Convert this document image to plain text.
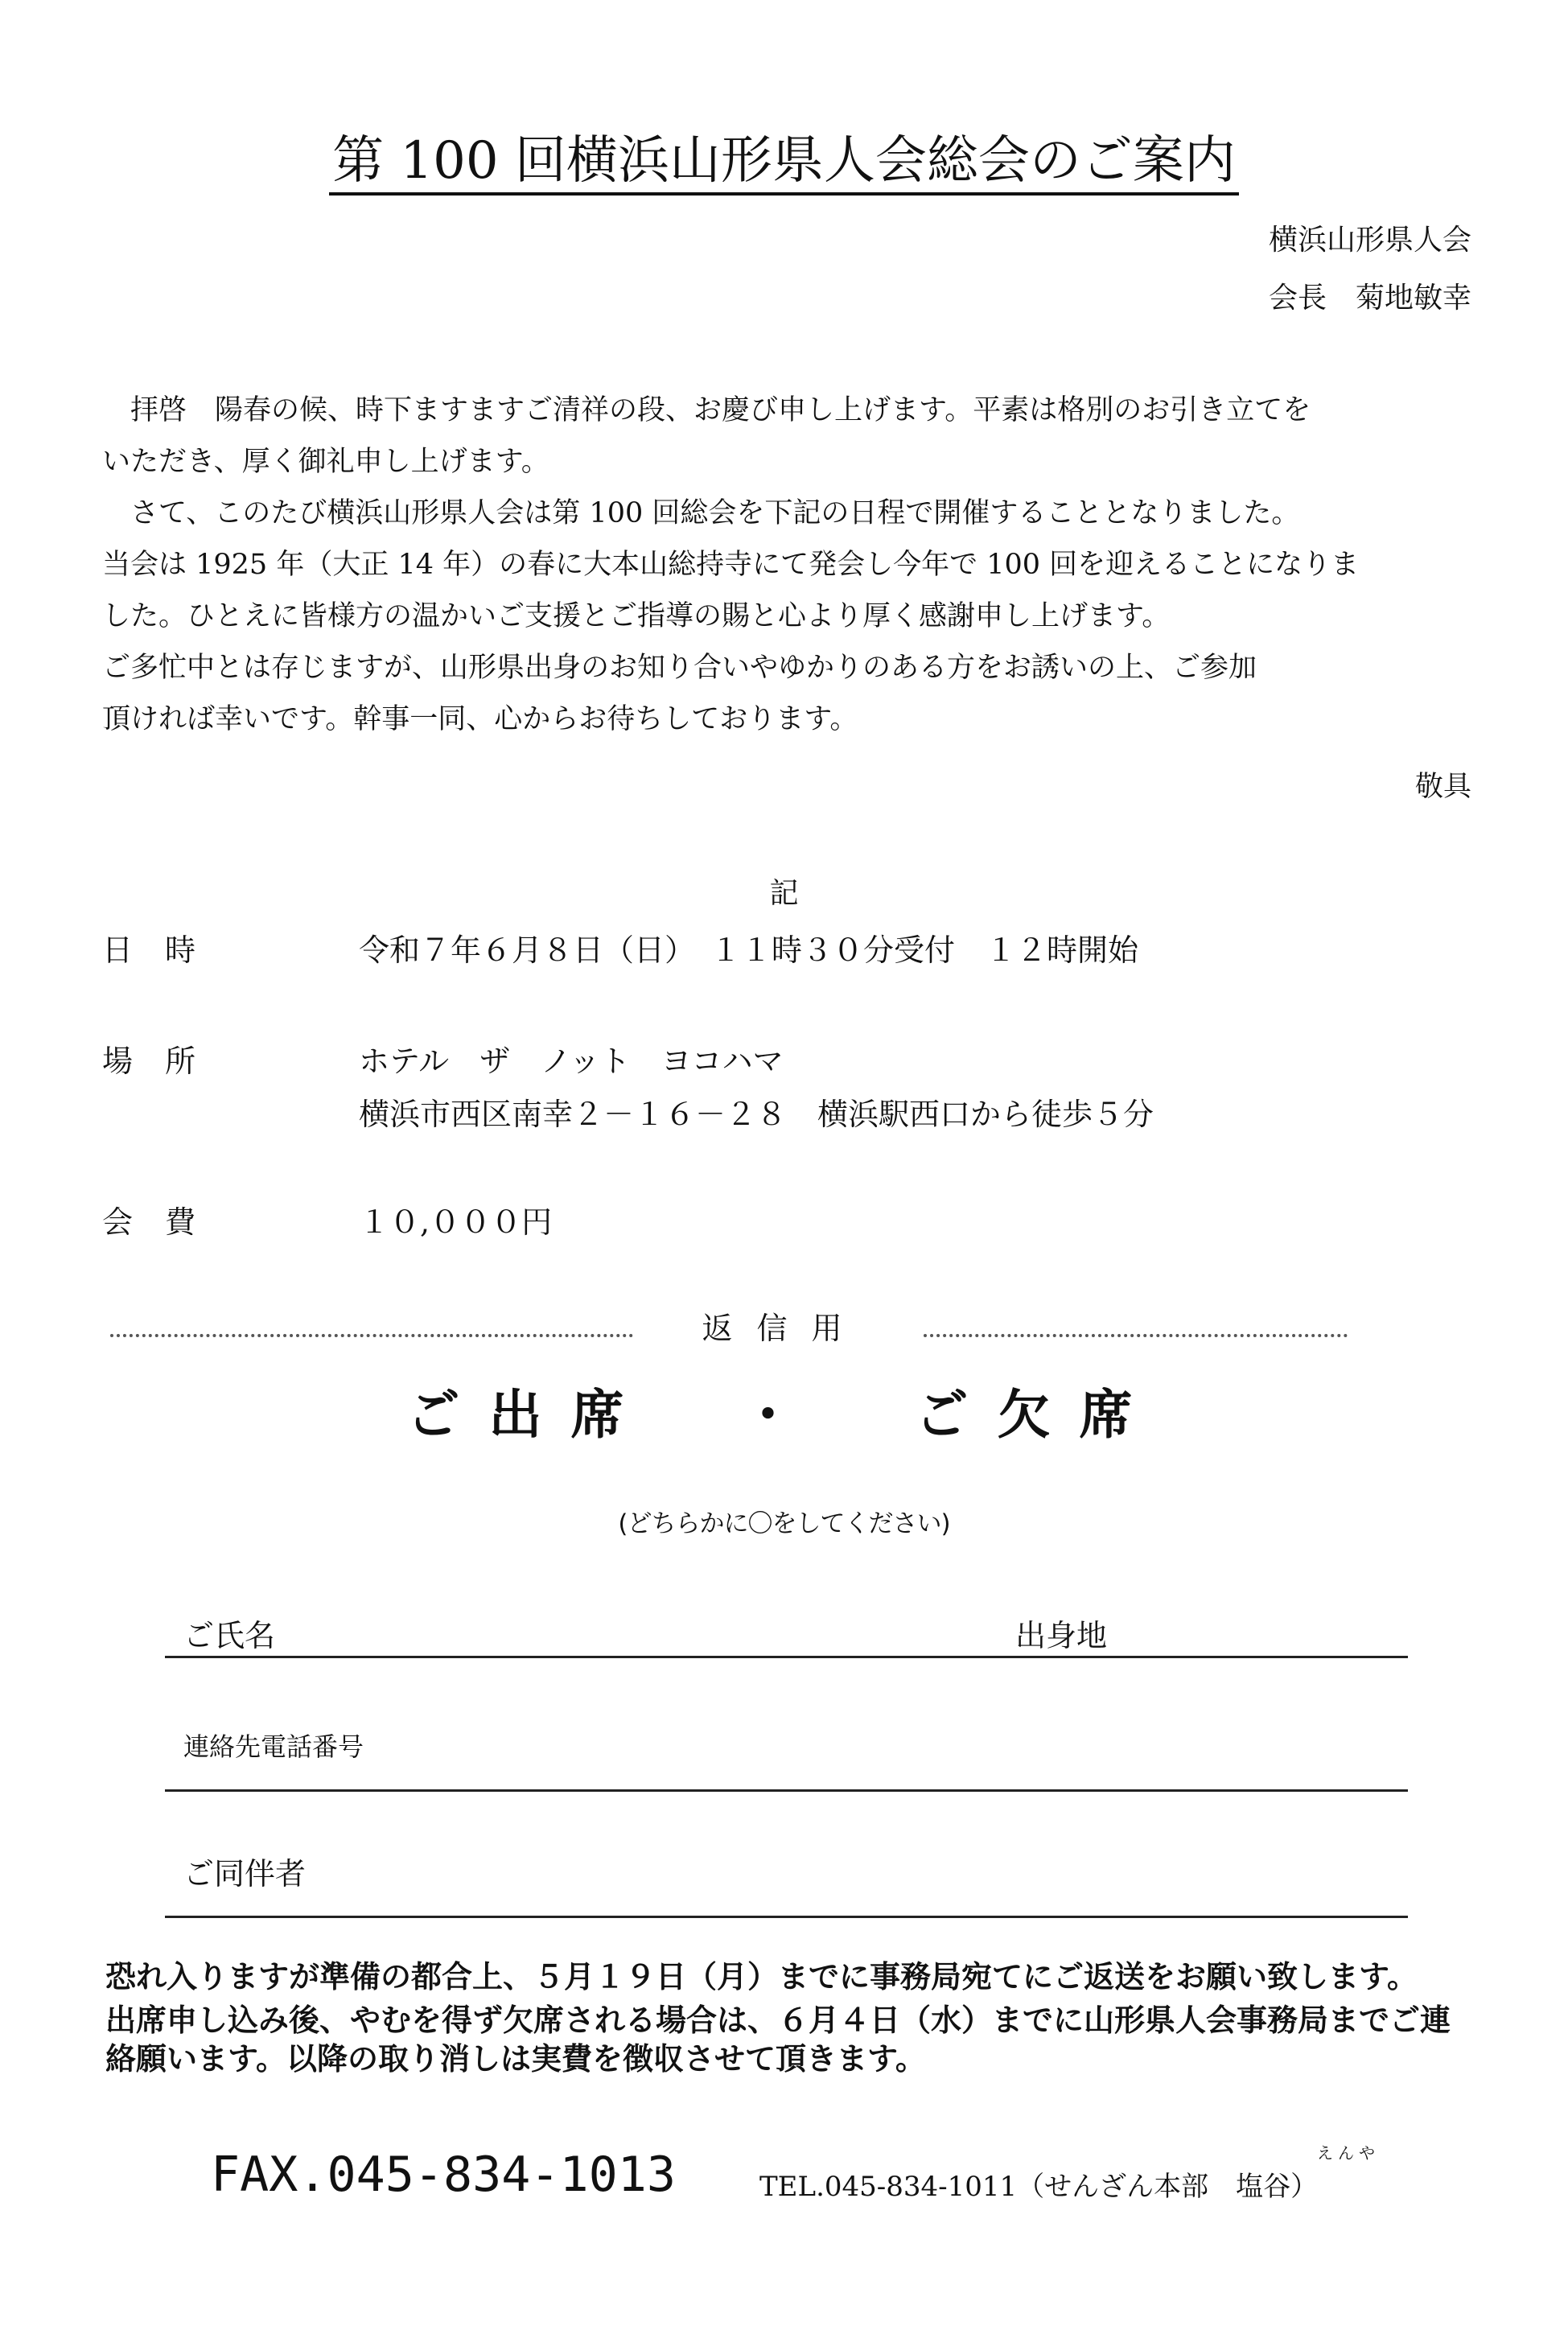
第 100 回横浜山形県人会総会のご案内
横浜山形県人会
会長 菊地敏幸

　拝啓　陽春の候、時下ますますご清祥の段、お慶び申し上げます。平素は格別のお引き立てを

いただき、厚く御礼申し上げます。

　さて、このたび横浜山形県人会は第 100 回総会を下記の日程で開催することとなりました。

当会は 1925 年（大正 14 年）の春に大本山総持寺にて発会し今年で 100 回を迎えることになりま

した。ひとえに皆様方の温かいご支援とご指導の賜と心より厚く感謝申し上げます。

ご多忙中とは存じますが、山形県出身のお知り合いやゆかりのある方をお誘いの上、ご参加

頂ければ幸いです。幹事一同、心からお待ちしております。

敬具
記
日時	令和７年６月８日（日）　１１時３０分受付　１２時開始
場所	ホテル　ザ　ノット　ヨコハマ
横浜市西区南幸２－１６－２８　横浜駅西口から徒歩５分
会費	１０,０００円
返信用
ご出席 ・ ご欠席
(どちらかに〇をしてください)
ご氏名	出身地
連絡先電話番号
ご同伴者

恐れ入りますが準備の都合上、５月１９日（月）までに事務局宛てにご返送をお願い致します。

出席申し込み後、やむを得ず欠席される場合は、６月４日（水）までに山形県人会事務局までご連絡願います。以降の取り消しは実費を徴収させて頂きます。

FAX.045-834-1013	えんや
TEL.045-834-1011（せんざん本部　塩谷）
